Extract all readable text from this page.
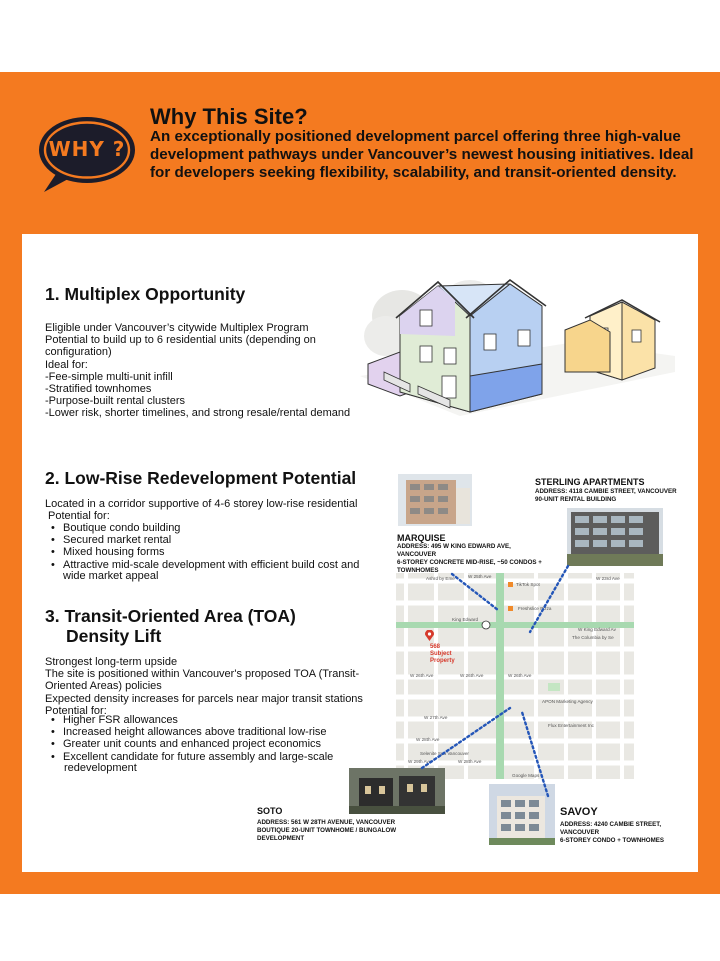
WHY ?
Why This Site?
An exceptionally positioned development parcel offering three high-value development pathways under Vancouver’s newest housing initiatives. Ideal for developers seeking flexibility, scalability, and transit-oriented density.
1. Multiplex Opportunity
Eligible under Vancouver’s citywide Multiplex Program
Potential to build up to 6 residential units (depending on
configuration)
Ideal for:
-Fee-simple multi-unit infill
-Stratified townhomes
-Purpose-built rental clusters
-Lower risk, shorter timelines, and strong resale/rental demand
2. Low-Rise Redevelopment Potential
Located in a corridor supportive of 4-6 storey low-rise residential
Potential for:
• Boutique condo building
• Secured market rental
• Mixed housing forms
• Attractive mid-scale development with efficient build cost and
wide market appeal
3. Transit-Oriented Area (TOA)
Density Lift
Strongest long-term upside
The site is positioned within Vancouver's proposed TOA (Transit-
Oriented Areas) policies
Expected density increases for parcels near major transit stations
Potential for:
• Higher FSR allowances
• Increased height allowances above traditional low-rise
• Greater unit counts and enhanced project economics
• Excellent candidate for future assembly and large-scale
redevelopment
Ashrd by Eme
TikTok Spot
W 25th Ave	W 23rd Ave
Freshslice Pizza
King Edward
W King Edward Av
The Columbia by Se
W 26th Ave	W 26th Ave	W 26th Ave
W 27th Ave
W 28th Ave
W 29th Ave	W 28th Ave
APON Marketing Agency
Flux Entertainment Inc
Selenite Spa Vancouver
Google Maps
568
Subject
Property
STERLING APARTMENTS
ADDRESS: 4118 CAMBIE STREET, VANCOUVER
90-UNIT RENTAL BUILDING
MARQUISE
ADDRESS: 495 W KING EDWARD AVE,
VANCOUVER
6-STOREY CONCRETE MID-RISE, ~50 CONDOS +
TOWNHOMES
SOTO
ADDRESS: 561 W 28TH AVENUE, VANCOUVER
BOUTIQUE 20-UNIT TOWNHOME / BUNGALOW
DEVELOPMENT
SAVOY
ADDRESS: 4240 CAMBIE STREET,
VANCOUVER
6-STOREY CONDO + TOWNHOMES
